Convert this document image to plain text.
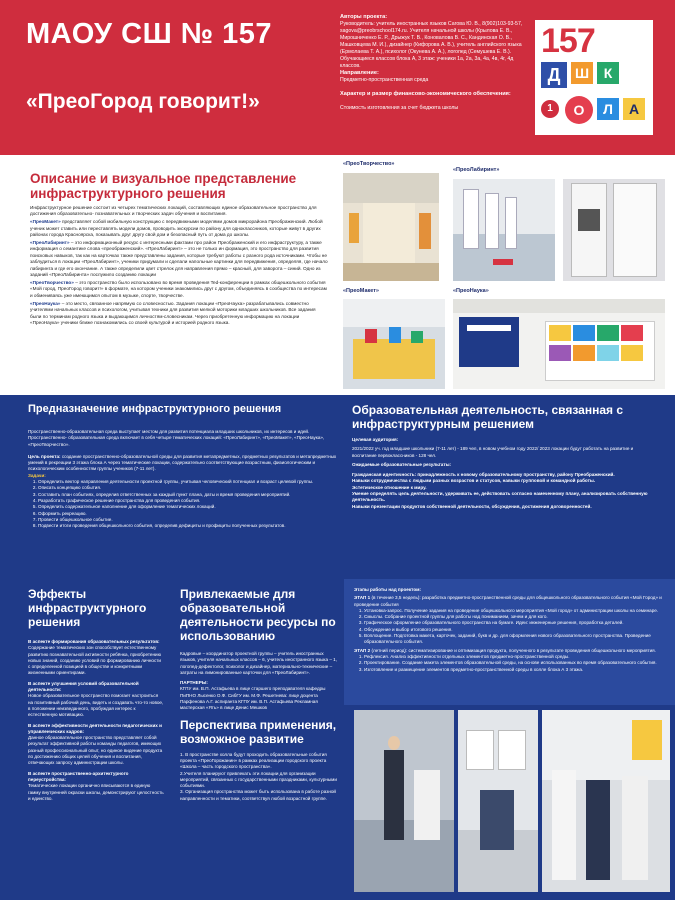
МАОУ СШ № 157
«ПреоГород говорит!»
Авторы проекта:
Руководитель: учитель иностранных языков Сагова Ю. В., 8(902)103-93-57, sagova@preobrschool174.ru. Учителя начальной школы (Крылова Е. В., Мирошниченко Е. Р., Дрыжук Т. В., Коновалова В. С., Кандинская О. В., Машковцева М. И.), дизайнер (Кифорова А. В.), учитель английского языка (Ермолаева Т. А.), психолог (Окунева А. А.), логопед (Семушева Е. В.). Обучающиеся классов блока А, 3 этаж: ученики 1а, 2а, 3а, 4а, 4в, 4г, 4д классов.
Направление:
Предметно-пространственная среда

Характер и размер финансово-экономического обеспечения:

Стоимость изготовления за счет бюджета школы
157
Д	Ш	К
О	Л	А
1
Описание и визуальное представление инфраструктурного решения

Инфраструктурное решение состоит из четырех тематических локаций, составляющих единое образовательное пространство для достижения образовательно- познавательных и творческих задач обучения и воспитания.

«ПреоМакет» представляет собой мобильную конструкцию с передвижными моделями домов микрорайона Преображенский. Любой ученик может ставить или переставлять модели домов, проводить экскурсии по району для одноклассников, которые живут в других районах города Красноярска, показывать друг другу свой дом и безопасный путь от дома до школы.

«ПреоЛабиринт» – это информационный ресурс с интересными фактами про район Преображенский и его инфраструктуру, а также информация о семантике слова «преображенский». «ПреоЛабиринт» – это не только ин формация, это пространство для развития поисковых навыков, так как на карточках также представлены задания, которые требуют работы с разного рода источниками. Чтобы не заблудиться в локации «ПреоЛабиринт», ученики придумали и сделали напольные картинки для передвижения, определяя, где начало лабиринта и где его окончание. А также определили цвет стрелок для направления прямо – красный, для заворота – синий. Одно из заданий «ПреоЛабиринта» послужило созданию локации

«ПреоТворчество» – это пространство было использовано во время проведения Ted-конференции в рамках общешкольного события «Мой город, ПреоГород говорит!» в формате, на котором ученики знакомились друг с другом, объединяясь в сообщества по интересам и обмениваясь уже имеющимся опытом в музыке, спорте, творчестве.

«ПреоНаука» – это место, связанное напрямую со словесностью. Задания локации «ПреоНаука» разрабатывались совместно учителями начальных классов и психологом, учитывая техники для развития мелкой моторики младших школьников. Все задания были по терминам родного языка и выдающимся личностям-словесникам. Через приобретенную информацию на локации «ПреоНаука» ученики ближе познакомились со своей культурой и историей родного языка.

«ПреоТворчество»
«ПреоЛабиринт»
«ПреоМакет»	«ПреоНаука»
Предназначение инфраструктурного решения
Пространственно-образовательная среда выступает местом для развития потенциала младших школьников, их интересов и идей. Пространственно- образовательная среда включает в себя четыре тематических локаций: «ПреоЛабиринт», «ПреоМакет», «ПреоНаука», «ПреоТворчество».
Цель проекта: создание пространственно-образовательной среды для развития метапредметных, предметных результатов и метапредметных умений в рекреации 3 этажа блока А через тематические локации, содержательно соответствующие возрастным, физиологическим и психологическим особенностям группы учеников (7-11 лет).
Задачи:
1. Определить вектор направления деятельности проектной группы, учитывая человеческий потенциал и возраст целевой группы.
2. Описать концепцию события.
3. Составить план событиях, определив ответственных за каждый пункт плана, даты и время проведения мероприятий.
4. Разработать графическое решение пространства для проведения события.
5. Определить содержательное наполнение для оформление тематических локаций.
6. Оформить рекреацию.
7. Провести общешкольное событие.
8. Подвести итоги проведения общешкольного события, определив дефициты и профициты полученных результатов.
Образовательная деятельность, связанная с инфраструктурным решением
Целевая аудитория:
2021/2022 уч. год младшие школьники (7-11 лет) - 189 чел, в новом учебном году 2022/ 2023 локации будут работать на развитие и воспитание первоклассников - 128 чел.
Ожидаемые образовательные результаты:
Гражданская идентичность: принадлежность к новому образовательному пространству, району Преображенский.
Навыки сотрудничества с людьми разных возрастов и статусов, навыки групповой и командной работы.
Эстетическое отношение к миру.
Умение определять цель деятельности, удерживать ее, действовать согласно намеченному плану, анализировать собственную деятельность.
Навыки презентации продуктов собственной деятельности, обсуждения, достижения договоренностей.
Этапы работы над проектом:
ЭТАП 1 (в течение 3,5 недель): разработка предметно-пространственной среды для общешкольного образовательного события «Мой Город» и проведение события
1. Установка-запрос. Получение задания на проведение общешкольного мероприятия «Мой город» от администрации школы на семинаре.
2. Смыслы. Собрание проектной группы для работы над пониманием, зачем и для кого.
3. Графическое оформление образовательного пространства на бумаге. Идеи: инженерные решения, проработка деталей.
4. Обсуждение и выбор итогового решения.
5. Воплощение. Подготовка макета, карточек, заданий, букв и др. для оформления нового образовательного пространства. Проведение образовательного события.
ЭТАП 2 (летний период): систематизирование и оптимизация продукта, полученного в результате проведения общешкольного мероприятия.
1. Рефлексия. Анализ эффективности отдельных элементов предметно-пространственной среды.
2. Проектирование. Создание макета элементов образовательной среды, на основе использованных во время образовательного события.
3. Изготовление и размещение элементов предметно-пространственной среды в холле блока А 3 этажа.
Эффекты инфраструктурного решения
В аспекте формирования образовательных результатов:
Содержание тематических зон способствует естественному развитию познавательной активности ребёнка, приобретению новых знаний, созданию условий по формированию личности с определенной позицией в обществе и конкретными жизненными ориентирами.
В аспекте улучшения условий образовательной деятельности:
Новое образовательное пространство помогает настроиться на позитивный рабочий день, видеть и создавать что-то новое, в положении неизведанного, пробуждая интерес к естественную мотивацию.
В аспекте эффективности деятельности педагогических и управленческих кадров:
Данное образовательное пространство представляет собой результат эффективной работы команды педагогов, имеющих разный профессиональный опыт, но единое видение продукта по достижению общих целей обучения и воспитания, отвечающих запросу администрации школы.
В аспекте пространственно-архитектурного переустройства:
Тематические локации органично вписываются в единую гамму внутренней окраски школы, демонстрируют целостность и единство.
Привлекаемые для образовательной деятельности ресурсы по использованию
Кадровые – координатор проектной группы – учитель иностранных языков, учителя начальных классов – 6, учитель иностранного языка – 1, логопед-дефектолог, психолог и дизайнер, материально-технические – затраты на лимонированные карточки для «ПреоЛабиринт».
ПАРТНЕРЫ:
КГПУ им. В.П. Астафьева в лице старшего преподавателя кафедры ПиПНО Лысенко О.Ф. СибГУ им. М.Ф. Решетнева: лице доцента Парфенова А.Г. аспиранта КГПУ им. В.П. Астафьева Рекламная мастерская «Ять» в лице Денис Мешков
Перспектива применения, возможное развитие
1. В пространстве холла будут проходить образовательные события проекта «ПреоГорожанин» в рамках реализации городского проекта «Школа – часть городского пространства».
2.Учителя планируют привлекать эти локации для организации мероприятий, связанных с государственными праздниками, культурными событиями.
3. Организация пространства может быть использована в работе разной направленности и тематики, соответствуя любой возрастной группе.
